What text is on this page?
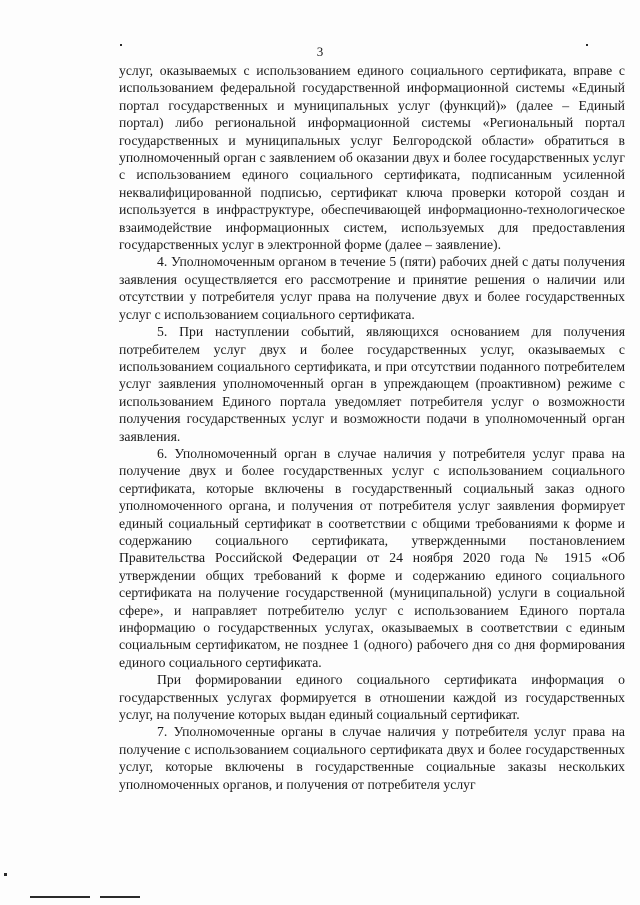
3

услуг, оказываемых с использованием единого социального сертификата, вправе с использованием федеральной государственной информационной системы «Единый портал государственных и муниципальных услуг (функций)» (далее – Единый портал) либо региональной информационной системы «Региональный портал государственных и муниципальных услуг Белгородской области» обратиться в уполномоченный орган с заявлением об оказании двух и более государственных услуг с использованием единого социального сертификата, подписанным усиленной неквалифицированной подписью, сертификат ключа проверки которой создан и используется в инфраструктуре, обеспечивающей информационно-технологическое взаимодействие информационных систем, используемых для предоставления государственных услуг в электронной форме (далее – заявление).

4. Уполномоченным органом в течение 5 (пяти) рабочих дней с даты получения заявления осуществляется его рассмотрение и принятие решения о наличии или отсутствии у потребителя услуг права на получение двух и более государственных услуг с использованием социального сертификата.

5. При наступлении событий, являющихся основанием для получения потребителем услуг двух и более государственных услуг, оказываемых с использованием социального сертификата, и при отсутствии поданного потребителем услуг заявления уполномоченный орган в упреждающем (проактивном) режиме с использованием Единого портала уведомляет потребителя услуг о возможности получения государственных услуг и возможности подачи в уполномоченный орган заявления.

6. Уполномоченный орган в случае наличия у потребителя услуг права на получение двух и более государственных услуг с использованием социального сертификата, которые включены в государственный социальный заказ одного уполномоченного органа, и получения от потребителя услуг заявления формирует единый социальный сертификат в соответствии с общими требованиями к форме и содержанию социального сертификата, утвержденными постановлением Правительства Российской Федерации от 24 ноября 2020 года № 1915 «Об утверждении общих требований к форме и содержанию единого социального сертификата на получение государственной (муниципальной) услуги в социальной сфере», и направляет потребителю услуг с использованием Единого портала информацию о государственных услугах, оказываемых в соответствии с единым социальным сертификатом, не позднее 1 (одного) рабочего дня со дня формирования единого социального сертификата.

При формировании единого социального сертификата информация о государственных услугах формируется в отношении каждой из государственных услуг, на получение которых выдан единый социальный сертификат.

7. Уполномоченные органы в случае наличия у потребителя услуг права на получение с использованием социального сертификата двух и более государственных услуг, которые включены в государственные социальные заказы нескольких уполномоченных органов, и получения от потребителя услуг
